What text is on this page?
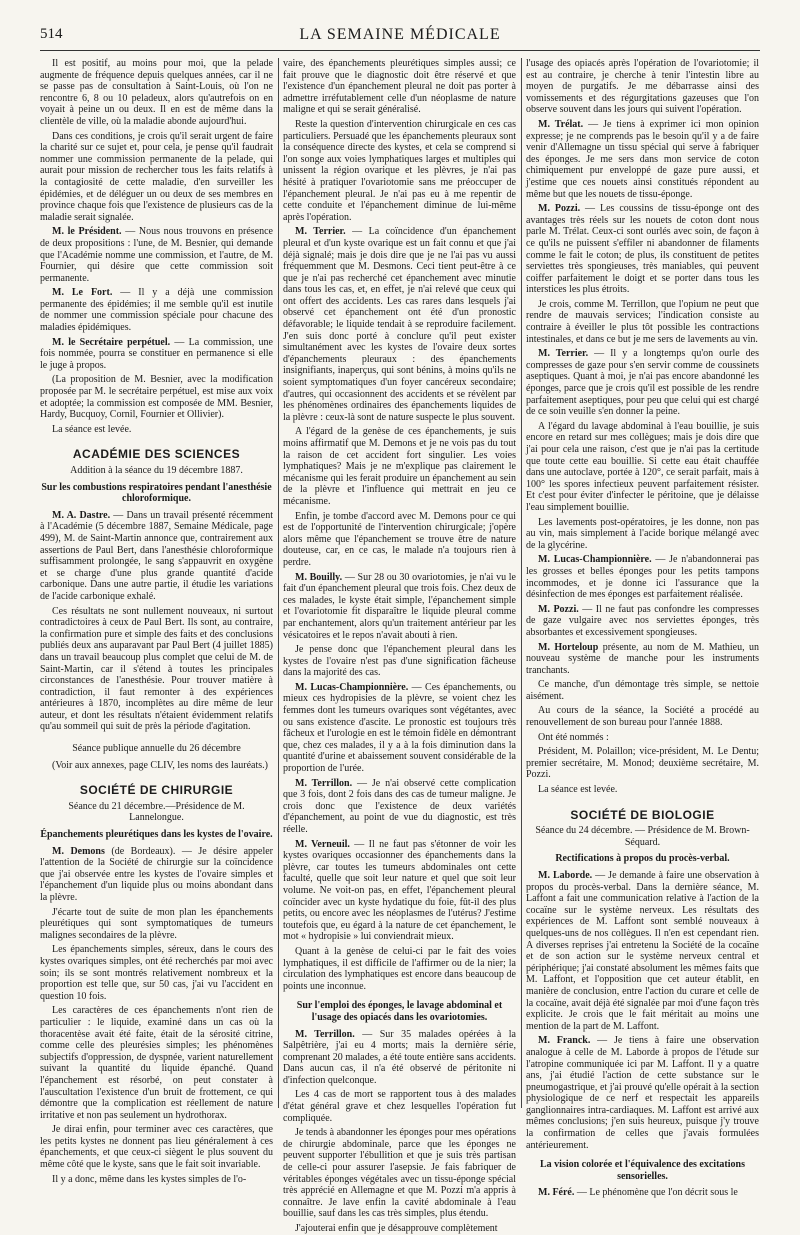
514	LA SEMAINE MÉDICALE

Il est positif, au moins pour moi, que la pelade augmente de fréquence depuis quelques années, car il ne se passe pas de consultation à Saint-Louis, où l'on ne rencontre 6, 8 ou 10 peladeux, alors qu'autrefois on en voyait à peine un ou deux. Il en est de même dans la clientèle de ville, où la maladie abonde aujourd'hui.

Dans ces conditions, je crois qu'il serait urgent de faire la charité sur ce sujet et, pour cela, je pense qu'il faudrait nommer une commission permanente de la pelade, qui aurait pour mission de rechercher tous les faits relatifs à la contagiosité de cette maladie, d'en surveiller les épidémies, et de déléguer un ou deux de ses membres en province chaque fois que l'existence de plusieurs cas de la maladie serait signalée.

M. le Président. — Nous nous trouvons en présence de deux propositions : l'une, de M. Besnier, qui demande que l'Académie nomme une commission, et l'autre, de M. Fournier, qui désire que cette commission soit permanente.

M. Le Fort. — Il y a déjà une commission permanente des épidémies; il me semble qu'il est inutile de nommer une commission spéciale pour chacune des maladies épidémiques.

M. le Secrétaire perpétuel. — La commission, une fois nommée, pourra se constituer en permanence si elle le juge à propos.

(La proposition de M. Besnier, avec la modification proposée par M. le secrétaire perpétuel, est mise aux voix et adoptée; la commission est composée de MM. Besnier, Hardy, Bucquoy, Cornil, Fournier et Ollivier).

La séance est levée.

ACADÉMIE DES SCIENCES
Addition à la séance du 19 décembre 1887.
Sur les combustions respiratoires pendant l'anesthésie chloroformique.

M. A. Dastre. — Dans un travail présenté récemment à l'Académie (5 décembre 1887, Semaine Médicale, page 499), M. de Saint-Martin annonce que, contrairement aux assertions de Paul Bert, dans l'anesthésie chloroformique suffisamment prolongée, le sang s'appauvrit en oxygène et se charge d'une plus grande quantité d'acide carbonique. Dans une autre partie, il étudie les variations de l'acide carbonique exhalé.

Ces résultats ne sont nullement nouveaux, ni surtout contradictoires à ceux de Paul Bert. Ils sont, au contraire, la confirmation pure et simple des faits et des conclusions publiés deux ans auparavant par Paul Bert (4 juillet 1885) dans un travail beaucoup plus complet que celui de M. de Saint-Martin, car il s'étend à toutes les principales circonstances de l'anesthésie. Pour trouver matière à contradiction, il faut remonter à des expériences antérieures à 1870, incomplètes au dire même de leur auteur, et dont les résultats n'étaient évidemment relatifs qu'au sommeil qui suit de près la période d'agitation.

Séance publique annuelle du 26 décembre

(Voir aux annexes, page CLIV, les noms des lauréats.)

SOCIÉTÉ DE CHIRURGIE
Séance du 21 décembre.—Présidence de M. Lannelongue.
Épanchements pleurétiques dans les kystes de l'ovaire.

M. Demons (de Bordeaux). — Je désire appeler l'attention de la Société de chirurgie sur la coïncidence que j'ai observée entre les kystes de l'ovaire simples et l'épanchement d'un liquide plus ou moins abondant dans la plèvre.

J'écarte tout de suite de mon plan les épanchements pleurétiques qui sont symptomatiques de tumeurs malignes secondaires de la plèvre.

Les épanchements simples, séreux, dans le cours des kystes ovariques simples, ont été recherchés par moi avec soin; ils se sont montrés relativement nombreux et la proportion est telle que, sur 50 cas, j'ai vu l'accident en question 10 fois.

Les caractères de ces épanchements n'ont rien de particulier : le liquide, examiné dans un cas où la thoracentèse avait été faite, était de la sérosité citrine, comme celle des pleurésies simples; les phénomènes subjectifs d'oppression, de dyspnée, varient naturellement suivant la quantité du liquide épanché. Quand l'épanchement est résorbé, on peut constater à l'auscultation l'existence d'un bruit de frottement, ce qui démontre que la complication est réellement de nature irritative et non pas seulement un hydrothorax.

Je dirai enfin, pour terminer avec ces caractères, que les petits kystes ne donnent pas lieu généralement à ces épanchements, et que ceux-ci siègent le plus souvent du même côté que le kyste, sans que le fait soit invariable.

Il y a donc, même dans les kystes simples de l'o-

vaire, des épanchements pleurétiques simples aussi; ce fait prouve que le diagnostic doit être réservé et que l'existence d'un épanchement pleural ne doit pas porter à admettre irréfutablement celle d'un néoplasme de nature maligne et qui se serait généralisé.

Reste la question d'intervention chirurgicale en ces cas particuliers. Persuadé que les épanchements pleuraux sont la conséquence directe des kystes, et cela se comprend si l'on songe aux voies lymphatiques larges et multiples qui unissent la région ovarique et les plèvres, je n'ai pas hésité à pratiquer l'ovariotomie sans me préoccuper de l'épanchement pleural. Je n'ai pas eu à me repentir de cette conduite et l'épanchement diminue de lui-même après l'opération.

M. Terrier. — La coïncidence d'un épanchement pleural et d'un kyste ovarique est un fait connu et que j'ai déjà signalé; mais je dois dire que je ne l'ai pas vu aussi fréquemment que M. Desmons. Ceci tient peut-être à ce que je n'ai pas recherché cet épanchement avec minutie dans tous les cas, et, en effet, je n'ai relevé que ceux qui ont offert des accidents. Les cas rares dans lesquels j'ai observé cet épanchement ont été d'un pronostic défavorable; le liquide tendait à se reproduire facilement. J'en suis donc porté à conclure qu'il peut exister simultanément avec les kystes de l'ovaire deux sortes d'épanchements pleuraux : des épanchements insignifiants, inaperçus, qui sont bénins, à moins qu'ils ne soient symptomatiques d'un foyer cancéreux secondaire; d'autres, qui occasionnent des accidents et se révèlent par les phénomènes ordinaires des épanchements liquides de la plèvre : ceux-là sont de nature suspecte le plus souvent.

A l'égard de la genèse de ces épanchements, je suis moins affirmatif que M. Demons et je ne vois pas du tout la raison de cet accident fort singulier. Les voies lymphatiques? Mais je ne m'explique pas clairement le mécanisme qui les ferait produire un épanchement au sein de la plèvre et l'influence qui mettrait en jeu ce mécanisme.

Enfin, je tombe d'accord avec M. Demons pour ce qui est de l'opportunité de l'intervention chirurgicale; j'opère alors même que l'épanchement se trouve être de nature douteuse, car, en ce cas, le malade n'a toujours rien à perdre.

M. Bouilly. — Sur 28 ou 30 ovariotomies, je n'ai vu le fait d'un épanchement pleural que trois fois. Chez deux de ces malades, le kyste était simple, l'épanchement simple et l'ovariotomie fit disparaître le liquide pleural comme par enchantement, alors qu'un traitement antérieur par les vésicatoires et le repos n'avait abouti à rien.

Je pense donc que l'épanchement pleural dans les kystes de l'ovaire n'est pas d'une signification fâcheuse dans la majorité des cas.

M. Lucas-Championnière. — Ces épanchements, ou mieux ces hydropisies de la plèvre, se voient chez les femmes dont les tumeurs ovariques sont végétantes, avec ou sans existence d'ascite. Le pronostic est toujours très fâcheux et l'urologie en est le témoin fidèle en démontrant que, chez ces malades, il y a à la fois diminution dans la quantité d'urine et abaissement souvent considérable de la proportion de l'urée.

M. Terrillon. — Je n'ai observé cette complication que 3 fois, dont 2 fois dans des cas de tumeur maligne. Je crois donc que l'existence de deux variétés d'épanchement, au point de vue du diagnostic, est très réelle.

M. Verneuil. — Il ne faut pas s'étonner de voir les kystes ovariques occasionner des épanchements dans la plèvre, car toutes les tumeurs abdominales ont cette faculté, quelle que soit leur nature et quel que soit leur volume. Ne voit-on pas, en effet, l'épanchement pleural coïncider avec un kyste hydatique du foie, fût-il des plus petits, ou encore avec les néoplasmes de l'utérus? J'estime toutefois que, eu égard à la nature de cet épanchement, le mot « hydropisie » lui conviendrait mieux.

Quant à la genèse de celui-ci par le fait des voies lymphatiques, il est difficile de l'affirmer ou de la nier; la circulation des lymphatiques est encore dans beaucoup de points une inconnue.

Sur l'emploi des éponges, le lavage abdominal et l'usage des opiacés dans les ovariotomies.

M. Terrillon. — Sur 35 malades opérées à la Salpêtrière, j'ai eu 4 morts; mais la dernière série, comprenant 20 malades, a été toute entière sans accidents. Dans aucun cas, il n'a été observé de péritonite ni d'infection quelconque.

Les 4 cas de mort se rapportent tous à des malades d'état général grave et chez lesquelles l'opération fut compliquée.

Je tends à abandonner les éponges pour mes opérations de chirurgie abdominale, parce que les éponges ne peuvent supporter l'ébullition et que je suis très partisan de celle-ci pour assurer l'asepsie. Je fais fabriquer de véritables éponges végétales avec un tissu-éponge spécial très apprécié en Allemagne et que M. Pozzi m'a appris à connaître. Je lave enfin la cavité abdominale à l'eau bouillie, sauf dans les cas très simples, plus étendu.

J'ajouterai enfin que je désapprouve complètement

l'usage des opiacés après l'opération de l'ovariotomie; il est au contraire, je cherche à tenir l'intestin libre au moyen de purgatifs. Je me débarrasse ainsi des vomissements et des régurgitations gazeuses que l'on observe souvent dans les jours qui suivent l'opération.

M. Trélat. — Je tiens à exprimer ici mon opinion expresse; je ne comprends pas le besoin qu'il y a de faire venir d'Allemagne un tissu spécial qui serve à fabriquer des éponges. Je me sers dans mon service de coton chimiquement pur enveloppé de gaze pure aussi, et j'estime que ces nouets ainsi constitués répondent au même but que les nouets de tissu-éponge.

M. Pozzi. — Les coussins de tissu-éponge ont des avantages très réels sur les nouets de coton dont nous parle M. Trélat. Ceux-ci sont ourlés avec soin, de façon à ce qu'ils ne puissent s'effiler ni abandonner de filaments comme le fait le coton; de plus, ils constituent de petites serviettes très spongieuses, très maniables, qui peuvent coiffer parfaitement le doigt et se porter dans tous les interstices les plus étroits.

Je crois, comme M. Terrillon, que l'opium ne peut que rendre de mauvais services; l'indication consiste au contraire à éveiller le plus tôt possible les contractions intestinales, et dans ce but je me sers de lavements au vin.

M. Terrier. — Il y a longtemps qu'on ourle des compresses de gaze pour s'en servir comme de coussinets aseptiques. Quant à moi, je n'ai pas encore abandonné les éponges, parce que je crois qu'il est possible de les rendre parfaitement aseptiques, pour peu que celui qui est chargé de ce soin veuille s'en donner la peine.

A l'égard du lavage abdominal à l'eau bouillie, je suis encore en retard sur mes collègues; mais je dois dire que j'ai pour cela une raison, c'est que je n'ai pas la certitude que toute cette eau bouillie. Si cette eau était chauffée dans une autoclave, portée à 120°, ce serait parfait, mais à 100° les spores infectieux peuvent parfaitement résister. Et c'est pour éviter d'infecter le péritoine, que je délaisse l'eau simplement bouillie.

Les lavements post-opératoires, je les donne, non pas au vin, mais simplement à l'acide borique mélangé avec de la glycérine.

M. Lucas-Championnière. — Je n'abandonnerai pas les grosses et belles éponges pour les petits tampons incommodes, et je donne ici l'assurance que la désinfection de mes éponges est parfaitement réalisée.

M. Pozzi. — Il ne faut pas confondre les compresses de gaze vulgaire avec nos serviettes éponges, très absorbantes et excessivement spongieuses.

M. Horteloup présente, au nom de M. Mathieu, un nouveau système de manche pour les instruments tranchants.

Ce manche, d'un démontage très simple, se nettoie aisément.

Au cours de la séance, la Société a procédé au renouvellement de son bureau pour l'année 1888.

Ont été nommés :

Président, M. Polaillon; vice-président, M. Le Dentu; premier secrétaire, M. Monod; deuxième secrétaire, M. Pozzi.

La séance est levée.

SOCIÉTÉ DE BIOLOGIE
Séance du 24 décembre. — Présidence de M. Brown-Séquard.
Rectifications à propos du procès-verbal.

M. Laborde. — Je demande à faire une observation à propos du procès-verbal. Dans la dernière séance, M. Laffont a fait une communication relative à l'action de la cocaïne sur le système nerveux. Les résultats des expériences de M. Laffont sont semblé nouveaux à quelques-uns de nos collègues. Il n'en est cependant rien. A diverses reprises j'ai entretenu la Société de la cocaïne et de son action sur le système nerveux central et périphérique; j'ai constaté absolument les mêmes faits que M. Laffont, et l'opposition que cet auteur établit, en manière de conclusion, entre l'action du curare et celle de la cocaïne, avait déjà été signalée par moi d'une façon très explicite. Je crois que le fait méritait au moins une mention de la part de M. Laffont.

M. Franck. — Je tiens à faire une observation analogue à celle de M. Laborde à propos de l'étude sur l'atropine communiquée ici par M. Laffont. Il y a quatre ans, j'ai étudié l'action de cette substance sur le pneumogastrique, et j'ai prouvé qu'elle opérait à la section physiologique de ce nerf et respectait les appareils ganglionnaires intra-cardiaques. M. Laffont est arrivé aux mêmes conclusions; j'en suis heureux, puisque j'y trouve la confirmation de celles que j'avais formulées antérieurement.

La vision colorée et l'équivalence des excitations sensorielles.

M. Féré. — Le phénomène que l'on décrit sous le
